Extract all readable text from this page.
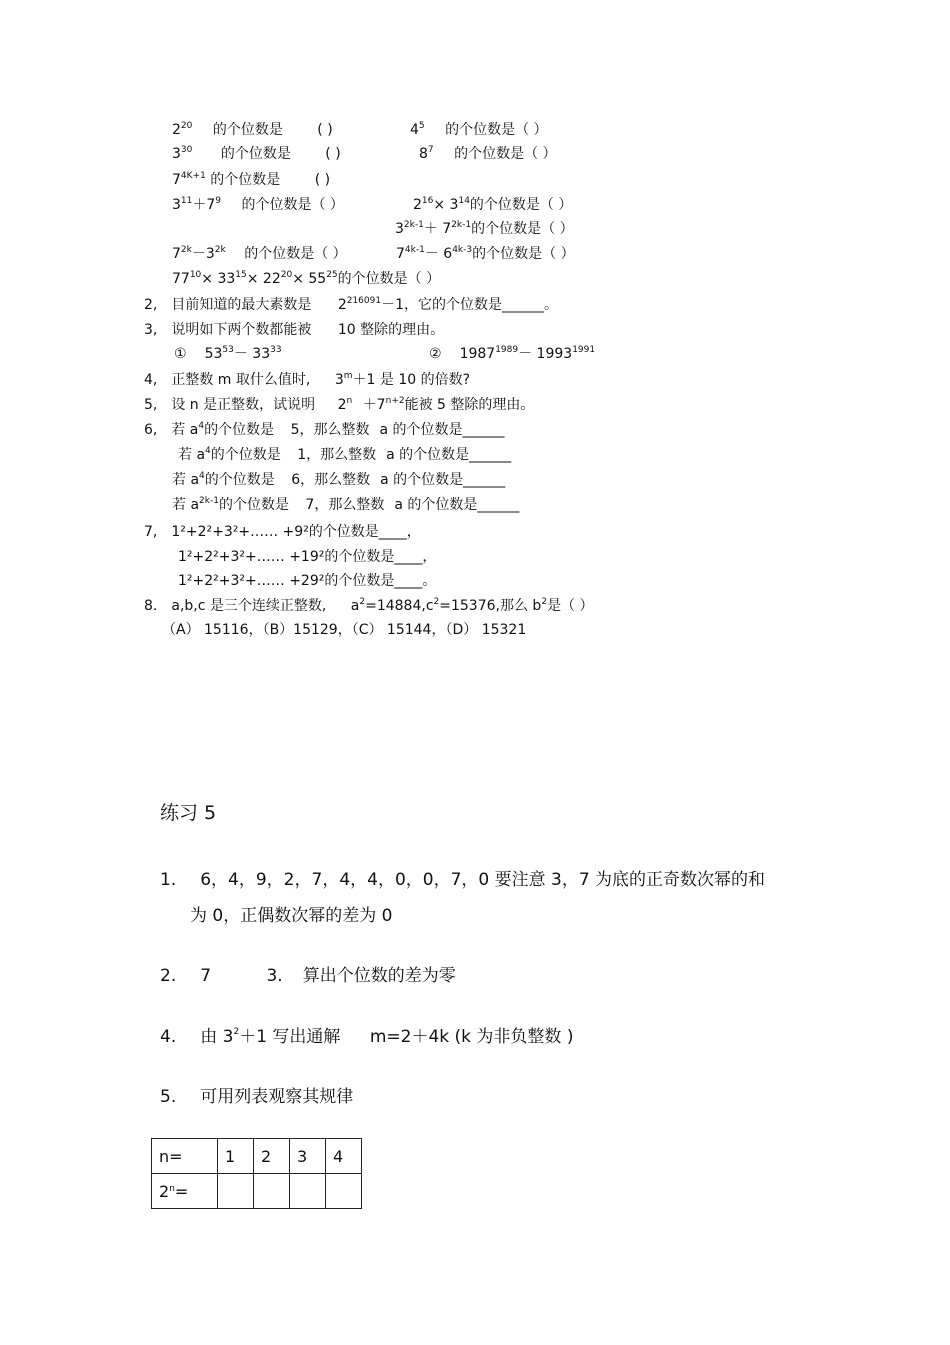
$2^{20}$ 的个位数是 ( )	$4^5$ 的个位数是（ ）
$3^{30}$ 的个位数是 ( )	$8^7$ 的个位数是（ ）
$7^{4K+1}$ 的个位数是 ( )
$3^{11}+7^9$ 的个位数是（ ）	$2^{16}\times 3^{14}$的个位数是（ ）
$3^{2k-1}+ 7^{2k-1}$的个位数是（ ）
$7^{2k}-3^{2k}$ 的个位数是（ ）	$7^{4k-1}- 6^{4k-3}$的个位数是（ ）
$77^{10}\times 33^{15}\times 22^{20}\times 55^{25}$的个位数是（ ）
2, 目前知道的最大素数是 $2^{216091}-1$，它的个位数是______。
3, 说明如下两个数都能被 10 整除的理由。
① $53^{53}- 33^{33}$	② $1987^{1989}- 1993^{1991}$
4, 正整数 m 取什么值时, $3^m+1$ 是 10 的倍数?
5, 设 n 是正整数，试说明 $2^n +7^{n+2}$能被 5 整除的理由。
6, 若 $a^4$的个位数是 5，那么整数 a 的个位数是______
若 $a^4$的个位数是 1，那么整数 a 的个位数是______
若 $a^4$的个位数是 6，那么整数 a 的个位数是______
若 $a^{2k-1}$的个位数是 7，那么整数 a 的个位数是______
7, 1²+2²+3²+…… +9²的个位数是____，
1²+2²+3²+…… +19²的个位数是____，
1²+2²+3²+…… +29²的个位数是____。
8. a,b,c 是三个连续正整数, $a^2=14884,c^2=15376$,那么 $b^2$是（ ）
（A） 15116，（B）15129，（C） 15144，（D） 15321
练习 5
1. 6，4，9，2，7，4，4，0，0，7，0 要注意 3，7 为底的正奇数次幂的和
为 0，正偶数次幂的差为 0
2. 7	3. 算出个位数的差为零
4. 由 $3^2+1$ 写出通解 m=2＋4k (k 为非负整数 )
5. 可用列表观察其规律
n=	1	2	3	4
$2^n=$				
